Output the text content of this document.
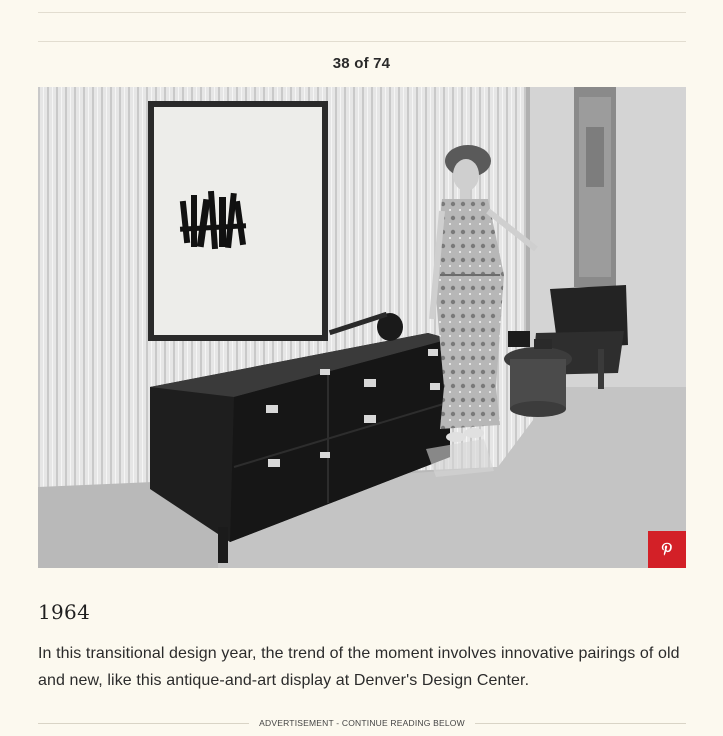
38 of 74
1964
In this transitional design year, the trend of the moment involves innovative pairings of old and new, like this antique-and-art display at Denver's Design Center.
ADVERTISEMENT - CONTINUE READING BELOW
